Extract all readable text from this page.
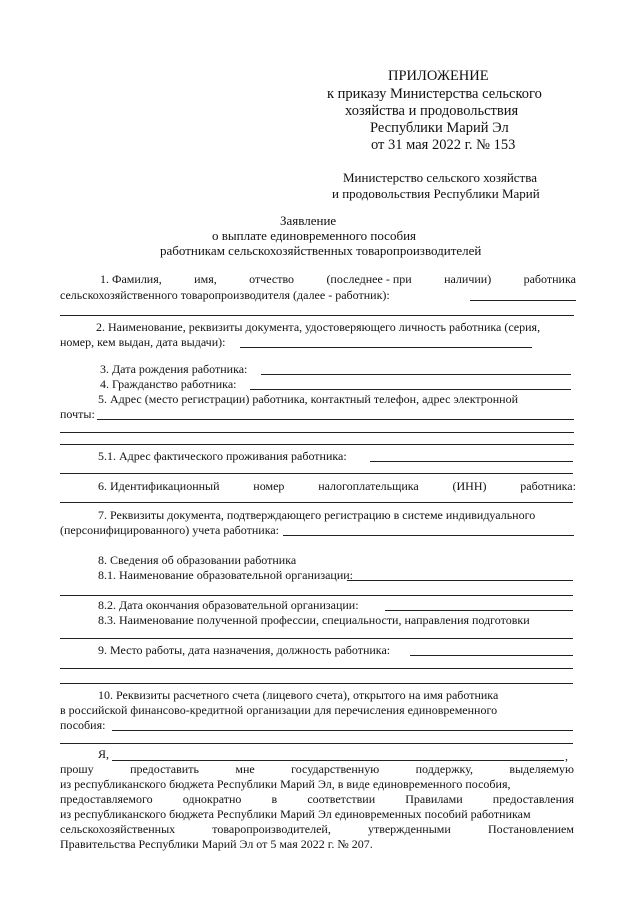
ПРИЛОЖЕНИЕ
к приказу Министерства сельского
хозяйства и продовольствия
Республики Марий Эл
от 31 мая 2022 г. № 153
Министерство сельского хозяйства
и продовольствия Республики Марий
Заявление
о выплате единовременного пособия
работникам сельскохозяйственных товаропроизводителей
1. Фамилия,	имя,	отчество	(последнее - при	наличии)	работника
сельскохозяйственного товаропроизводителя (далее - работник):
2. Наименование, реквизиты документа, удостоверяющего личность работника (серия,
номер, кем выдан, дата выдачи):
3. Дата рождения работника:
4. Гражданство работника:
5. Адрес (место регистрации) работника, контактный телефон, адрес электронной
почты:
5.1. Адрес фактического проживания работника:
6. Идентификационный	номер	налогоплательщика	(ИНН)	работника:
7. Реквизиты документа, подтверждающего регистрацию в системе индивидуального
(персонифицированного) учета работника:
8. Сведения об образовании работника
8.1. Наименование образовательной организации:
8.2. Дата окончания образовательной организации:
8.3. Наименование полученной профессии, специальности, направления подготовки
9. Место работы, дата назначения, должность работника:
10. Реквизиты расчетного счета (лицевого счета), открытого на имя работника
в российской финансово-кредитной организации для перечисления единовременного
пособия:
Я,	,
прошу	предоставить	мне	государственную	поддержку,	выделяемую
из республиканского бюджета Республики Марий Эл, в виде единовременного пособия,
предоставляемого	однократно	в	соответствии	Правилами	предоставления
из республиканского бюджета Республики Марий Эл единовременных пособий работникам
сельскохозяйственных	товаропроизводителей,	утвержденными	Постановлением
Правительства Республики Марий Эл от 5 мая 2022 г. № 207.
